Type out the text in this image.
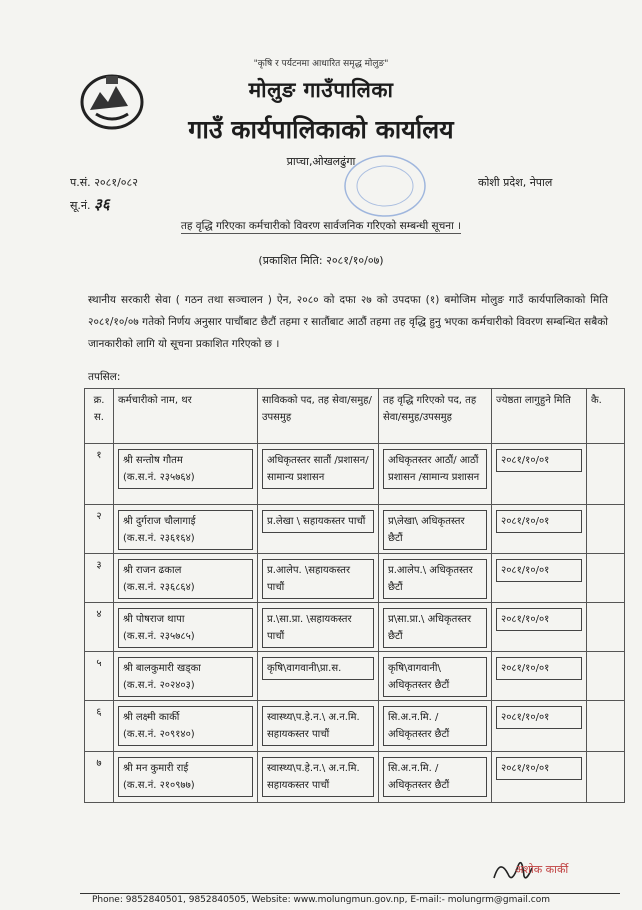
"कृषि र पर्यटनमा आधारित समृद्ध मोलुङ"
मोलुङ गाउँपालिका
गाउँ कार्यपालिकाको कार्यालय
प्राप्चा,ओखलढुंगा
प.सं. २०८१/०८२	कोशी प्रदेश, नेपाल
सू.नं. ३६
तह वृद्धि गरिएका कर्मचारीको विवरण सार्वजनिक गरिएको सम्बन्धी सूचना ।
(प्रकाशित मिति: २०८१/१०/०७)
स्थानीय सरकारी सेवा ( गठन तथा सञ्चालन ) ऐन, २०८० को दफा २७ को उपदफा (१) बमोजिम मोलुङ गाउँ कार्यपालिकाको मिति २०८१/१०/०७ गतेको निर्णय अनुसार पाचौंबाट छैटौं तहमा र सातौंबाट आठौं तहमा तह वृद्धि हुनु भएका कर्मचारीको विवरण सम्बन्धित सबैको जानकारीको लागि यो सूचना प्रकाशित गरिएको छ ।
तपसिल:
क्र. स.	कर्मचारीको नाम, थर	साविकको पद, तह सेवा/समुह/उपसमुह	तह वृद्धि गरिएको पद, तह सेवा/समुह/उपसमुह	ज्येष्ठता लागुहुने मिति	कै.
१	श्री सन्तोष गौतम
(क.स.नं. २३५७६४)	अधिकृतस्तर सातौं /प्रशासन/सामान्य प्रशासन	अधिकृतस्तर आठौं/ आठौं प्रशासन /सामान्य प्रशासन	२०८१/१०/०१	

२	श्री दुर्गराज चौलागाई
(क.स.नं. २३६१६४)	प्र.लेखा \ सहायकस्तर पाचौं	प्र\लेखा\ अधिकृतस्तर छैटौं	२०८१/१०/०१	

३	श्री राजन ढकाल
(क.स.नं. २३६८६४)	प्र.आलेप. \सहायकस्तर पाचौं	प्र.आलेप.\ अधिकृतस्तर छैटौं	२०८१/१०/०१	

४	श्री पोषराज थापा
(क.स.नं. २३५७८५)	प्र.\सा.प्रा. \सहायकस्तर पाचौं	प्र\सा.प्रा.\ अधिकृतस्तर छैटौं	२०८१/१०/०१	

५	श्री बालकुमारी खड्का
(क.स.नं. २०२४०३)	कृषि\वागवानी\प्रा.स.	कृषि\वागवानी\ अधिकृतस्तर छैटौं	२०८१/१०/०१	

६	श्री लक्ष्मी कार्की
(क.स.नं. २०९१४०)	स्वास्थ्य\प.हे.न.\ अ.न.मि. सहायकस्तर पाचौं	सि.अ.न.मि. / अधिकृतस्तर छैटौं	२०८१/१०/०१	

७	श्री मन कुमारी राई
(क.स.नं. २१०९७७)	स्वास्थ्य\प.हे.न.\ अ.न.मि. सहायकस्तर पाचौं	सि.अ.न.मि. / अधिकृतस्तर छैटौं	२०८१/१०/०१	

अशोक कार्की
Phone: 9852840501, 9852840505, Website: www.molungmun.gov.np, E-mail:- molungrm@gmail.com
